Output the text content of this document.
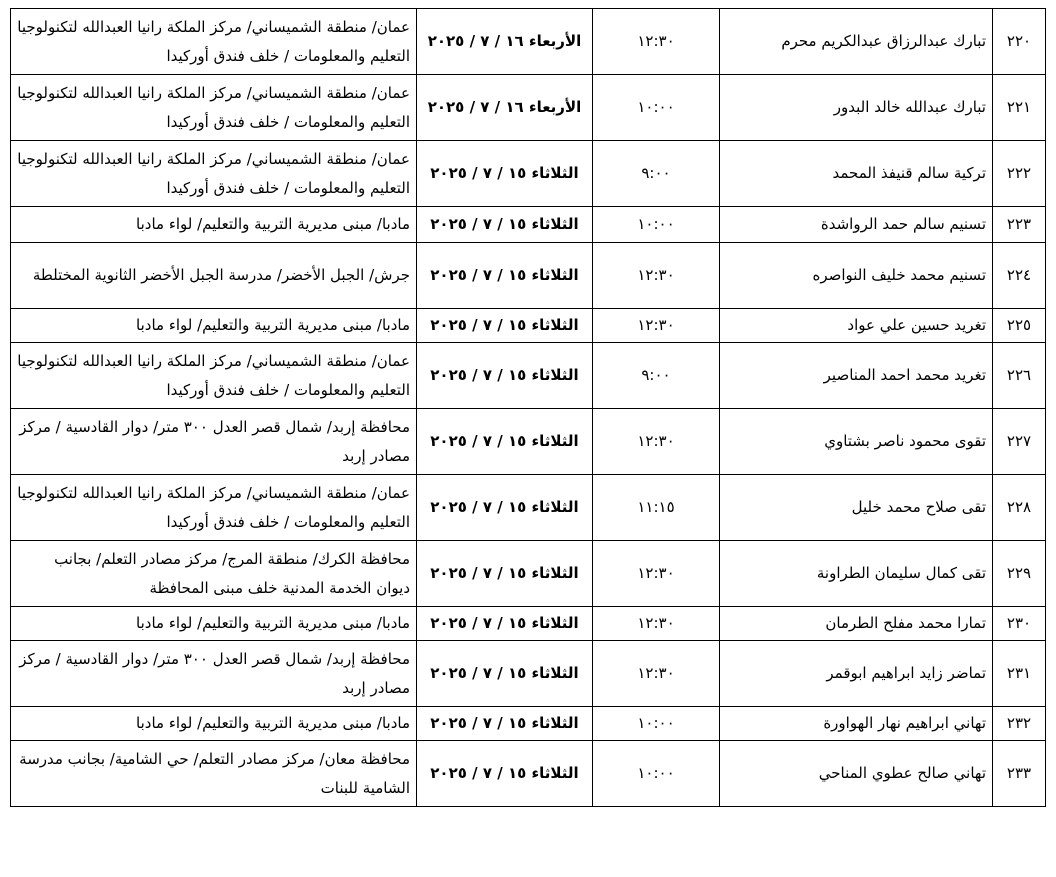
٢٢٠	تبارك عبدالرزاق عبدالكريم محرم	١٢:٣٠	الأربعاء ١٦ / ٧ / ٢٠٢٥	عمان/ منطقة الشميساني/ مركز الملكة رانيا العبدالله لتكنولوجيا التعليم والمعلومات / خلف فندق أوركيدا

٢٢١	تبارك عبدالله خالد البدور	١٠:٠٠	الأربعاء ١٦ / ٧ / ٢٠٢٥	عمان/ منطقة الشميساني/ مركز الملكة رانيا العبدالله لتكنولوجيا التعليم والمعلومات / خلف فندق أوركيدا

٢٢٢	تركية سالم قنيفذ المحمد	٩:٠٠	الثلاثاء ١٥ / ٧ / ٢٠٢٥	عمان/ منطقة الشميساني/ مركز الملكة رانيا العبدالله لتكنولوجيا التعليم والمعلومات / خلف فندق أوركيدا

٢٢٣	تسنيم سالم حمد الرواشدة	١٠:٠٠	الثلاثاء ١٥ / ٧ / ٢٠٢٥	مادبا/ مبنى مديرية التربية والتعليم/ لواء مادبا

٢٢٤	تسنيم محمد خليف النواصره	١٢:٣٠	الثلاثاء ١٥ / ٧ / ٢٠٢٥	جرش/ الجبل الأخضر/ مدرسة الجبل الأخضر الثانوية المختلطة

٢٢٥	تغريد حسين علي عواد	١٢:٣٠	الثلاثاء ١٥ / ٧ / ٢٠٢٥	مادبا/ مبنى مديرية التربية والتعليم/ لواء مادبا

٢٢٦	تغريد محمد احمد المناصير	٩:٠٠	الثلاثاء ١٥ / ٧ / ٢٠٢٥	عمان/ منطقة الشميساني/ مركز الملكة رانيا العبدالله لتكنولوجيا التعليم والمعلومات / خلف فندق أوركيدا

٢٢٧	تقوى محمود ناصر بشتاوي	١٢:٣٠	الثلاثاء ١٥ / ٧ / ٢٠٢٥	محافظة إربد/ شمال قصر العدل ٣٠٠ متر/ دوار القادسية / مركز مصادر إربد

٢٢٨	تقى صلاح محمد خليل	١١:١٥	الثلاثاء ١٥ / ٧ / ٢٠٢٥	عمان/ منطقة الشميساني/ مركز الملكة رانيا العبدالله لتكنولوجيا التعليم والمعلومات / خلف فندق أوركيدا

٢٢٩	تقى كمال سليمان الطراونة	١٢:٣٠	الثلاثاء ١٥ / ٧ / ٢٠٢٥	محافظة الكرك/ منطقة المرج/ مركز مصادر التعلم/ بجانب ديوان الخدمة المدنية خلف مبنى المحافظة

٢٣٠	تمارا محمد مفلح الطرمان	١٢:٣٠	الثلاثاء ١٥ / ٧ / ٢٠٢٥	مادبا/ مبنى مديرية التربية والتعليم/ لواء مادبا

٢٣١	تماضر زايد ابراهيم ابوقمر	١٢:٣٠	الثلاثاء ١٥ / ٧ / ٢٠٢٥	محافظة إربد/ شمال قصر العدل ٣٠٠ متر/ دوار القادسية / مركز مصادر إربد

٢٣٢	تهاني ابراهيم نهار الهواورة	١٠:٠٠	الثلاثاء ١٥ / ٧ / ٢٠٢٥	مادبا/ مبنى مديرية التربية والتعليم/ لواء مادبا

٢٣٣	تهاني صالح عطوي المناحي	١٠:٠٠	الثلاثاء ١٥ / ٧ / ٢٠٢٥	محافظة معان/ مركز مصادر التعلم/ حي الشامية/ بجانب مدرسة الشامية للبنات
